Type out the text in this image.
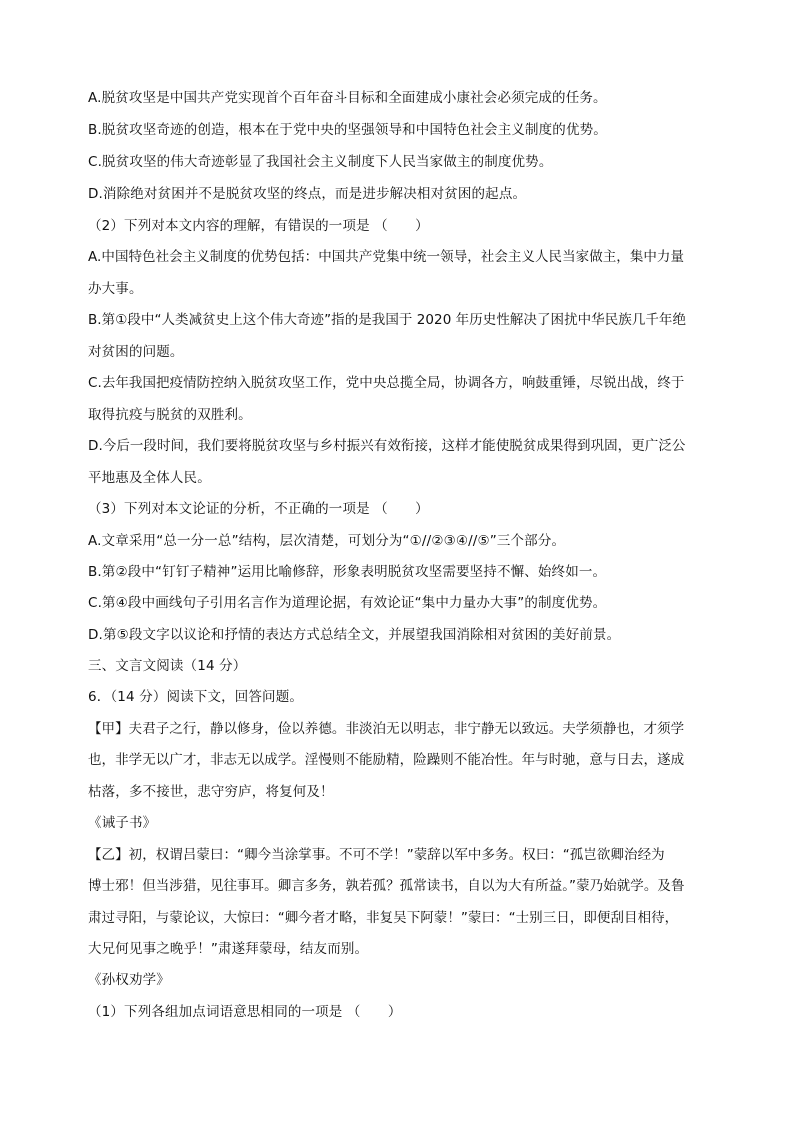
A.脱贫攻坚是中国共产党实现首个百年奋斗目标和全面建成小康社会必须完成的任务。
B.脱贫攻坚奇迹的创造，根本在于党中央的坚强领导和中国特色社会主义制度的优势。
C.脱贫攻坚的伟大奇迹彰显了我国社会主义制度下人民当家做主的制度优势。
D.消除绝对贫困并不是脱贫攻坚的终点，而是进步解决相对贫困的起点。
（2）下列对本文内容的理解，有错误的一项是 （　　）
A.中国特色社会主义制度的优势包括：中国共产党集中统一领导，社会主义人民当家做主，集中力量
办大事。
B.第①段中“人类减贫史上这个伟大奇迹”指的是我国于 2020 年历史性解决了困扰中华民族几千年绝
对贫困的问题。
C.去年我国把疫情防控纳入脱贫攻坚工作，党中央总揽全局，协调各方，响鼓重锤，尽锐出战，终于
取得抗疫与脱贫的双胜利。
D.今后一段时间，我们要将脱贫攻坚与乡村振兴有效衔接，这样才能使脱贫成果得到巩固，更广泛公
平地惠及全体人民。
（3）下列对本文论证的分析，不正确的一项是 （　　）
A.文章采用“总一分一总”结构，层次清楚，可划分为“①//②③④//⑤”三个部分。
B.第②段中“钉钉子精神”运用比喻修辞，形象表明脱贫攻坚需要坚持不懈、始终如一。
C.第④段中画线句子引用名言作为道理论据，有效论证“集中力量办大事”的制度优势。
D.第⑤段文字以议论和抒情的表达方式总结全文，并展望我国消除相对贫困的美好前景。
三、文言文阅读（14 分）
6．（14 分）阅读下文，回答问题。
【甲】夫君子之行，静以修身，俭以养德。非淡泊无以明志，非宁静无以致远。夫学须静也，才须学
也，非学无以广才，非志无以成学。淫慢则不能励精，险躁则不能冶性。年与时驰，意与日去，遂成
枯落，多不接世，悲守穷庐，将复何及！
《诫子书》
【乙】初，权谓吕蒙曰：“卿今当涂掌事。不可不学！”蒙辞以军中多务。权曰：“孤岂欲卿治经为
博士邪！但当涉猎，见往事耳。卿言多务，孰若孤？孤常读书，自以为大有所益。”蒙乃始就学。及鲁
肃过寻阳，与蒙论议，大惊曰：“卿今者才略，非复吴下阿蒙！”蒙曰：“士别三日，即便刮目相待，
大兄何见事之晚乎！”肃遂拜蒙母，结友而别。
《孙权劝学》
（1）下列各组加点词语意思相同的一项是 （　　）
